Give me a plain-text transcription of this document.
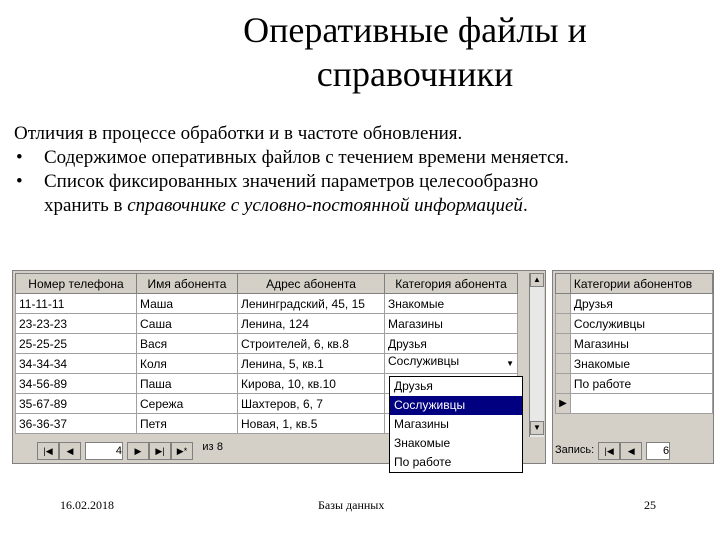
Оперативные файлы и
справочники
Отличия в процессе обработки и в частоте обновления.
• Содержимое оперативных файлов с течением времени меняется.
• Список фиксированных значений параметров целесообразно
хранить в справочнике с условно-постоянной информацией.
Номер телефона	Имя абонента	Адрес абонента	Категория абонента
11-11-11	Маша	Ленинградский, 45, 15	Знакомые
23-23-23	Саша	Ленина, 124	Магазины
25-25-25	Вася	Строителей, 6, кв.8	Друзья
34-34-34	Коля	Ленина, 5, кв.1	Сослуживцы ▼

34-56-89	Паша	Кирова, 10, кв.10	
35-67-89	Сережа	Шахтеров, 6, 7	
36-36-37	Петя	Новая, 1, кв.5	
▲
▼
|◀ ◀	4 ▶ ▶| ▶* из 8
Друзья
Сослуживцы
Магазины
Знакомые
По работе
	Категории абонентов
	Друзья
	Сослуживцы
	Магазины
	Знакомые
	По работе
▶	
Запись: |◀ ◀	6
16.02.2018	Базы данных	25
